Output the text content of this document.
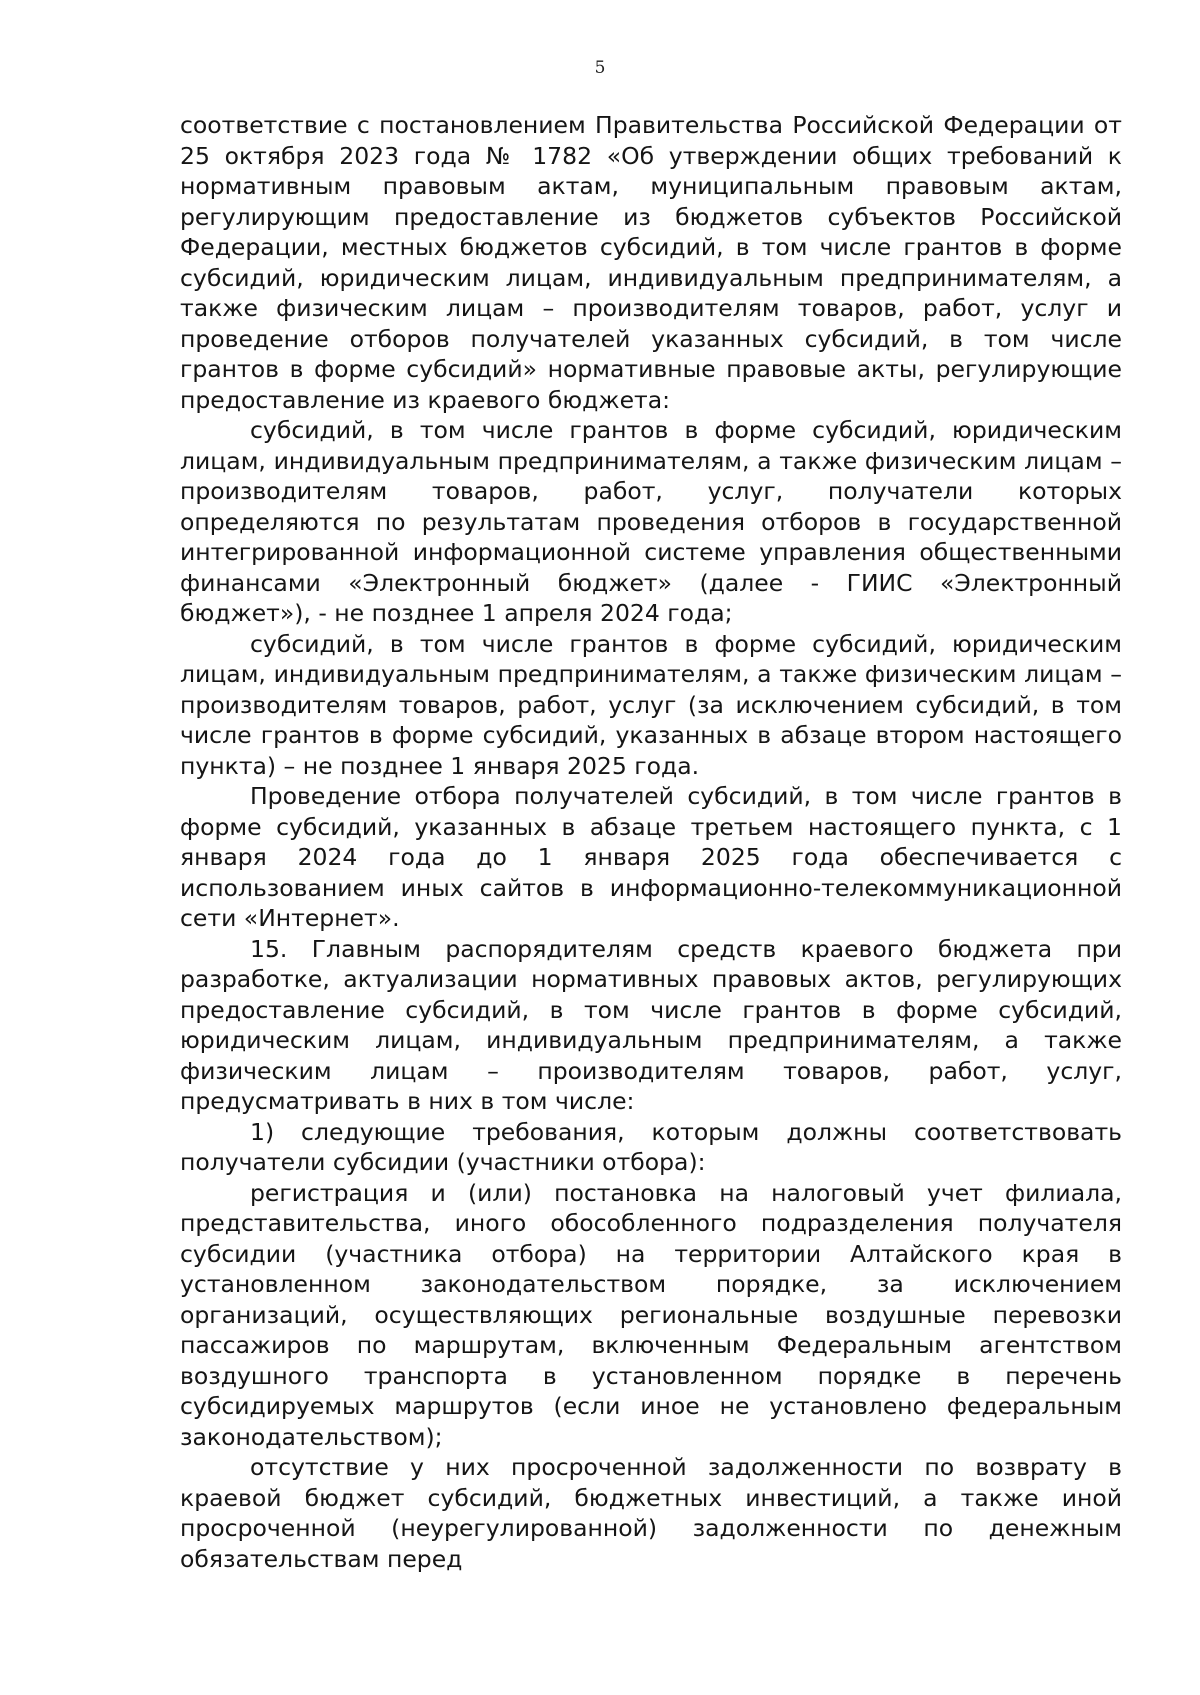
5

соответствие с постановлением Правительства Российской Федерации от 25 октября 2023 года № 1782 «Об утверждении общих требований к нормативным правовым актам, муниципальным правовым актам, регулирующим предоставление из бюджетов субъектов Российской Федерации, местных бюджетов субсидий, в том числе грантов в форме субсидий, юридическим лицам, индивидуальным предпринимателям, а также физическим лицам – производителям товаров, работ, услуг и проведение отборов получателей указанных субсидий, в том числе грантов в форме субсидий» нормативные правовые акты, регулирующие предоставление из краевого бюджета:

субсидий, в том числе грантов в форме субсидий, юридическим лицам, индивидуальным предпринимателям, а также физическим лицам – производителям товаров, работ, услуг, получатели которых определяются по результатам проведения отборов в государственной интегрированной информационной системе управления общественными финансами «Электронный бюджет» (далее - ГИИС «Электронный бюджет»), - не позднее 1 апреля 2024 года;

субсидий, в том числе грантов в форме субсидий, юридическим лицам, индивидуальным предпринимателям, а также физическим лицам – производителям товаров, работ, услуг (за исключением субсидий, в том числе грантов в форме субсидий, указанных в абзаце втором настоящего пункта) – не позднее 1 января 2025 года.

Проведение отбора получателей субсидий, в том числе грантов в форме субсидий, указанных в абзаце третьем настоящего пункта, с 1 января 2024 года до 1 января 2025 года обеспечивается с использованием иных сайтов в информационно-телекоммуникационной сети «Интернет».

15. Главным распорядителям средств краевого бюджета при разработке, актуализации нормативных правовых актов, регулирующих предоставление субсидий, в том числе грантов в форме субсидий, юридическим лицам, индивидуальным предпринимателям, а также физическим лицам – производителям товаров, работ, услуг, предусматривать в них в том числе:

1) следующие требования, которым должны соответствовать получатели субсидии (участники отбора):

регистрация и (или) постановка на налоговый учет филиала, представительства, иного обособленного подразделения получателя субсидии (участника отбора) на территории Алтайского края в установленном законодательством порядке, за исключением организаций, осуществляющих региональные воздушные перевозки пассажиров по маршрутам, включенным Федеральным агентством воздушного транспорта в установленном порядке в перечень субсидируемых маршрутов (если иное не установлено федеральным законодательством);

отсутствие у них просроченной задолженности по возврату в краевой бюджет субсидий, бюджетных инвестиций, а также иной просроченной (неурегулированной) задолженности по денежным обязательствам перед
